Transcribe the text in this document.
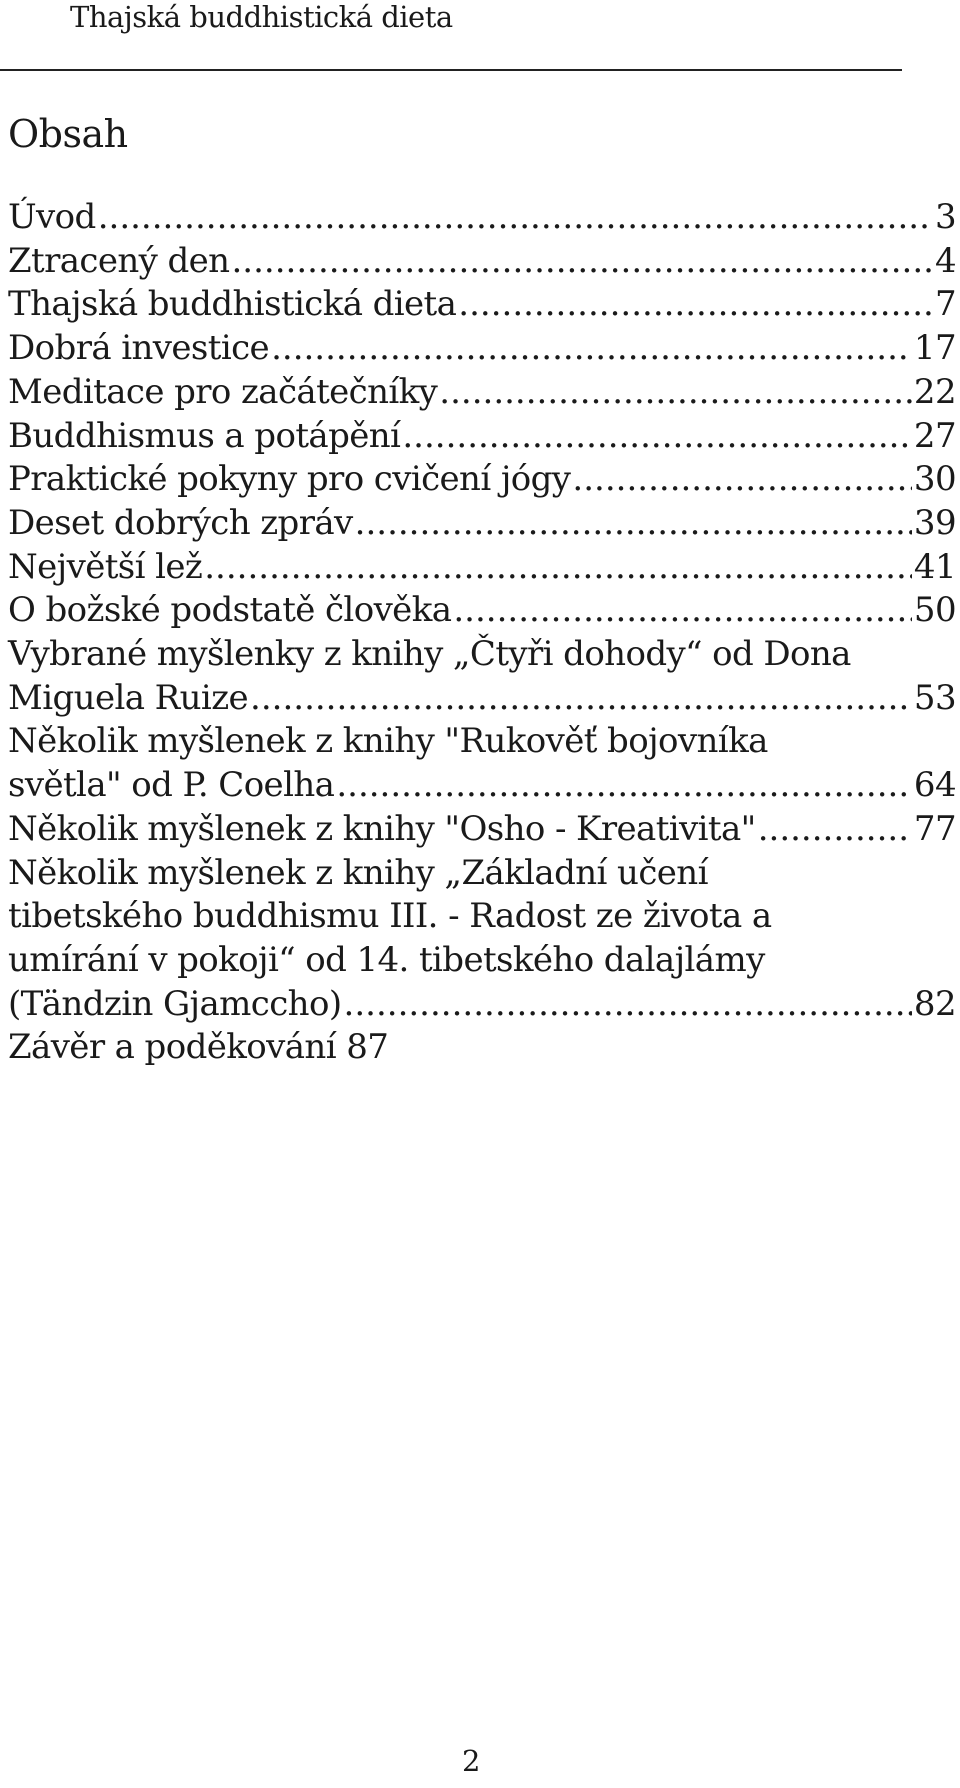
Thajská buddhistická dieta
Obsah
Úvod .....	3
Ztracený den .....	4
Thajská buddhistická dieta .....	7
Dobrá investice .....	17
Meditace pro začátečníky .....	22
Buddhismus a potápění .....	27
Praktické pokyny pro cvičení jógy .....	30
Deset dobrých zpráv .....	39
Největší lež .....	41
O božské podstatě člověka .....	50
Vybrané myšlenky z knihy „Čtyři dohody“ od Dona
Miguela Ruize .....	53
Několik myšlenek z knihy "Rukověť bojovníka
světla" od P. Coelha .....	64
Několik myšlenek z knihy "Osho - Kreativita" .....	77
Několik myšlenek z knihy „Základní učení
tibetského buddhismu III. - Radost ze života a
umírání v pokoji“ od 14. tibetského dalajlámy
(Tändzin Gjamccho) .....	82
Závěr a poděkování 87
2
